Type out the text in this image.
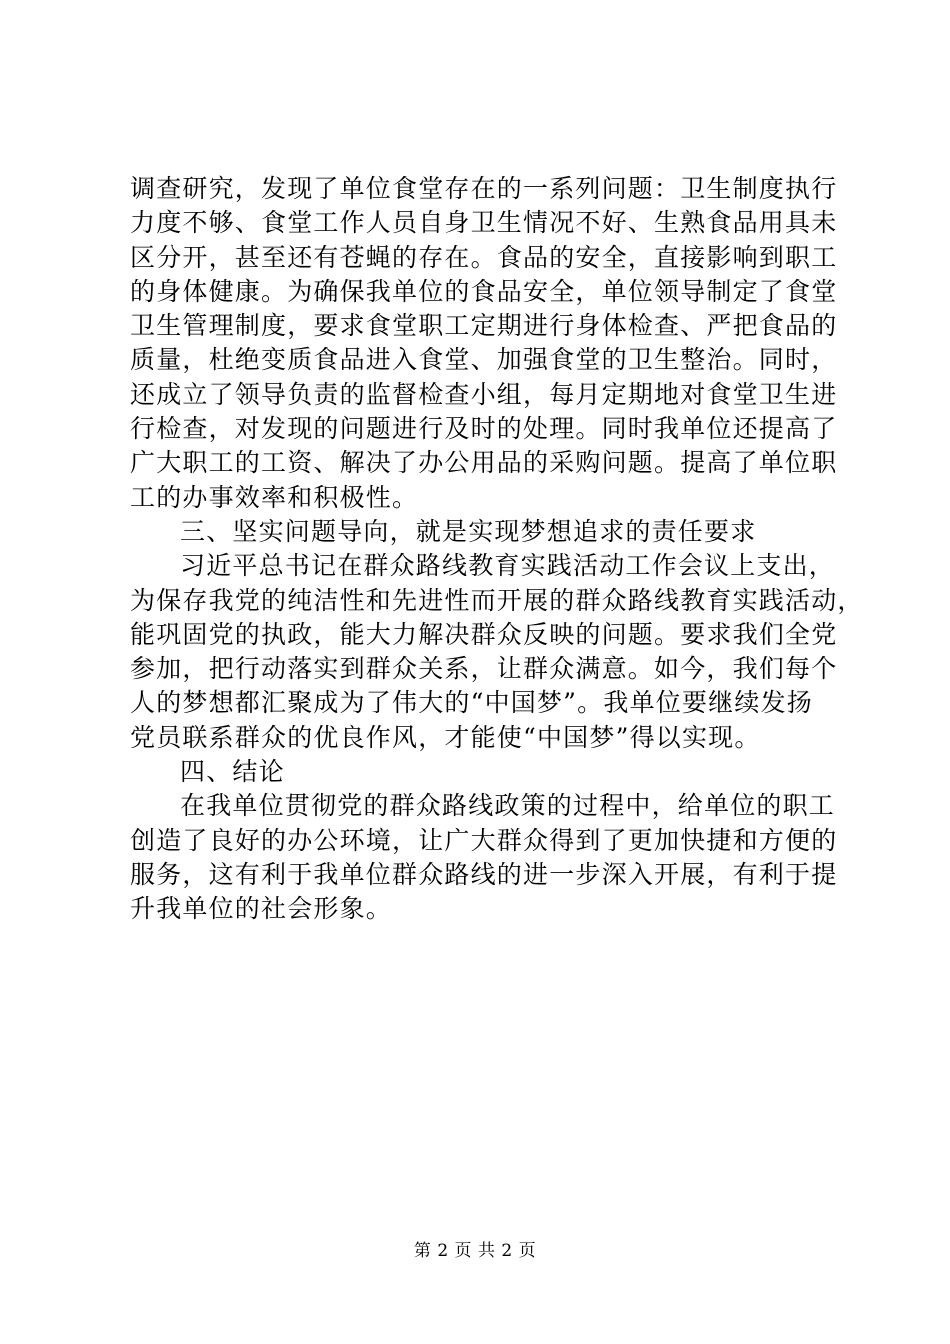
调查研究，发现了单位食堂存在的一系列问题：卫生制度执行
力度不够、食堂工作人员自身卫生情况不好、生熟食品用具未
区分开，甚至还有苍蝇的存在。食品的安全，直接影响到职工
的身体健康。为确保我单位的食品安全，单位领导制定了食堂
卫生管理制度，要求食堂职工定期进行身体检查、严把食品的
质量，杜绝变质食品进入食堂、加强食堂的卫生整治。同时，
还成立了领导负责的监督检查小组，每月定期地对食堂卫生进
行检查，对发现的问题进行及时的处理。同时我单位还提高了
广大职工的工资、解决了办公用品的采购问题。提高了单位职
工的办事效率和积极性。
三、坚实问题导向，就是实现梦想追求的责任要求
习近平总书记在群众路线教育实践活动工作会议上支出，
为保存我党的纯洁性和先进性而开展的群众路线教育实践活动，
能巩固党的执政，能大力解决群众反映的问题。要求我们全党
参加，把行动落实到群众关系，让群众满意。如今，我们每个
人的梦想都汇聚成为了伟大的“中国梦”。我单位要继续发扬
党员联系群众的优良作风，才能使“中国梦”得以实现。
四、结论
在我单位贯彻党的群众路线政策的过程中，给单位的职工
创造了良好的办公环境，让广大群众得到了更加快捷和方便的
服务，这有利于我单位群众路线的进一步深入开展，有利于提
升我单位的社会形象。
第 2 页 共 2 页
